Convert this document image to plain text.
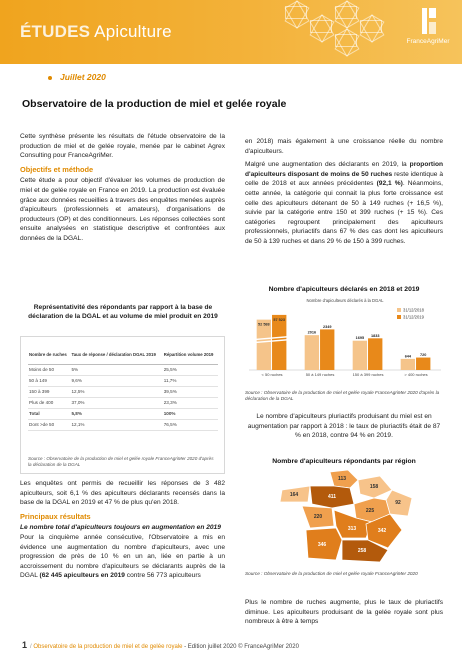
ÉTUDES Apiculture
FranceAgriMer
Juillet 2020
Observatoire de la production de miel et gelée royale

Cette synthèse présente les résultats de l'étude observatoire de la production de miel et de gelée royale, menée par le cabinet Agrex Consulting pour FranceAgriMer.

Objectifs et méthode

Cette étude a pour objectif d'évaluer les volumes de production de miel et de gelée royale en France en 2019. La production est évaluée grâce aux données recueillies à travers des enquêtes menées auprès d'apiculteurs (professionnels et amateurs), d'organisations de producteurs (OP) et des conditionneurs. Les réponses collectées sont ensuite analysées en statistique descriptive et confrontées aux données de la DGAL.

Représentativité des répondants par rapport à la base de déclaration de la DGAL et au volume de miel produit en 2019
Nombre de ruches	Taux de réponse / déclaration DGAL 2019	Répartition volume 2019
Moins de 50	5%	25,5%
50 à 149	9,6%	11,7%
150 à 399	12,5%	39,5%
Plus de 400	37,0%	23,3%
Total	5,8%	100%
Dont >de 50	12,1%	76,5%
Source : Observatoire de la production de miel et gelée royale FranceAgriMer 2020 d'après la déclaration de la DGAL

Les enquêtes ont permis de recueillir les réponses de 3 482 apiculteurs, soit 6,1 % des apiculteurs déclarants recensés dans la base de la DGAL en 2019 et 47 % de plus qu'en 2018.

Principaux résultats
Le nombre total d'apiculteurs toujours en augmentation en 2019

Pour la cinquième année consécutive, l'Observatoire a mis en évidence une augmentation du nombre d'apiculteurs, avec une progression de près de 10 % en un an, liée en partie à un accroissement du nombre d'apiculteurs se déclarants auprès de la DGAL (62 445 apiculteurs en 2019 contre 56 773 apiculteurs

en 2018) mais également à une croissance réelle du nombre d'apiculteurs.

Malgré une augmentation des déclarants en 2019, la proportion d'apiculteurs disposant de moins de 50 ruches reste identique à celle de 2018 et aux années précédentes (92,1 %). Néanmoins, cette année, la catégorie qui connait la plus forte croissance est celle des apiculteurs détenant de 50 à 149 ruches (+ 16,5 %), suivie par la catégorie entre 150 et 399 ruches (+ 15 %). Ces catégories regroupent principalement des apiculteurs professionnels, pluriactifs dans 67 % des cas dont les apiculteurs de 50 à 139 ruches et dans 29 % de 150 à 399 ruches.

Nombre d'apiculteurs déclarés en 2018 et 2019
Nombre d'apiculteurs déclarés à la DGAL
31/12/2018
31/12/2019
52 588
57 523
< 50 ruches
2016
2349
50 à 149 ruches
1695
1833
150 à 399 ruches
644 720
> 400 ruches
Source : Observatoire de la production de miel et gelée royale FranceAgriMer 2020 d'après la déclaration de la DGAL

Le nombre d'apiculteurs pluriactifs produisant du miel est en augmentation par rapport à 2018 : le taux de pluriactifs était de 87 % en 2018, contre 94 % en 2019.

Nombre d'apiculteurs répondants par région
113
158
92
164	411
225
220
313	342
346
258
Source : Observatoire de la production de miel et gelée royale FranceAgriMer 2020

Plus le nombre de ruches augmente, plus le taux de pluriactifs diminue. Les apiculteurs produisant de la gelée royale sont plus nombreux à être à temps

1 / Observatoire de la production de miel et de gelée royale - Edition juillet 2020 © FranceAgriMer 2020
